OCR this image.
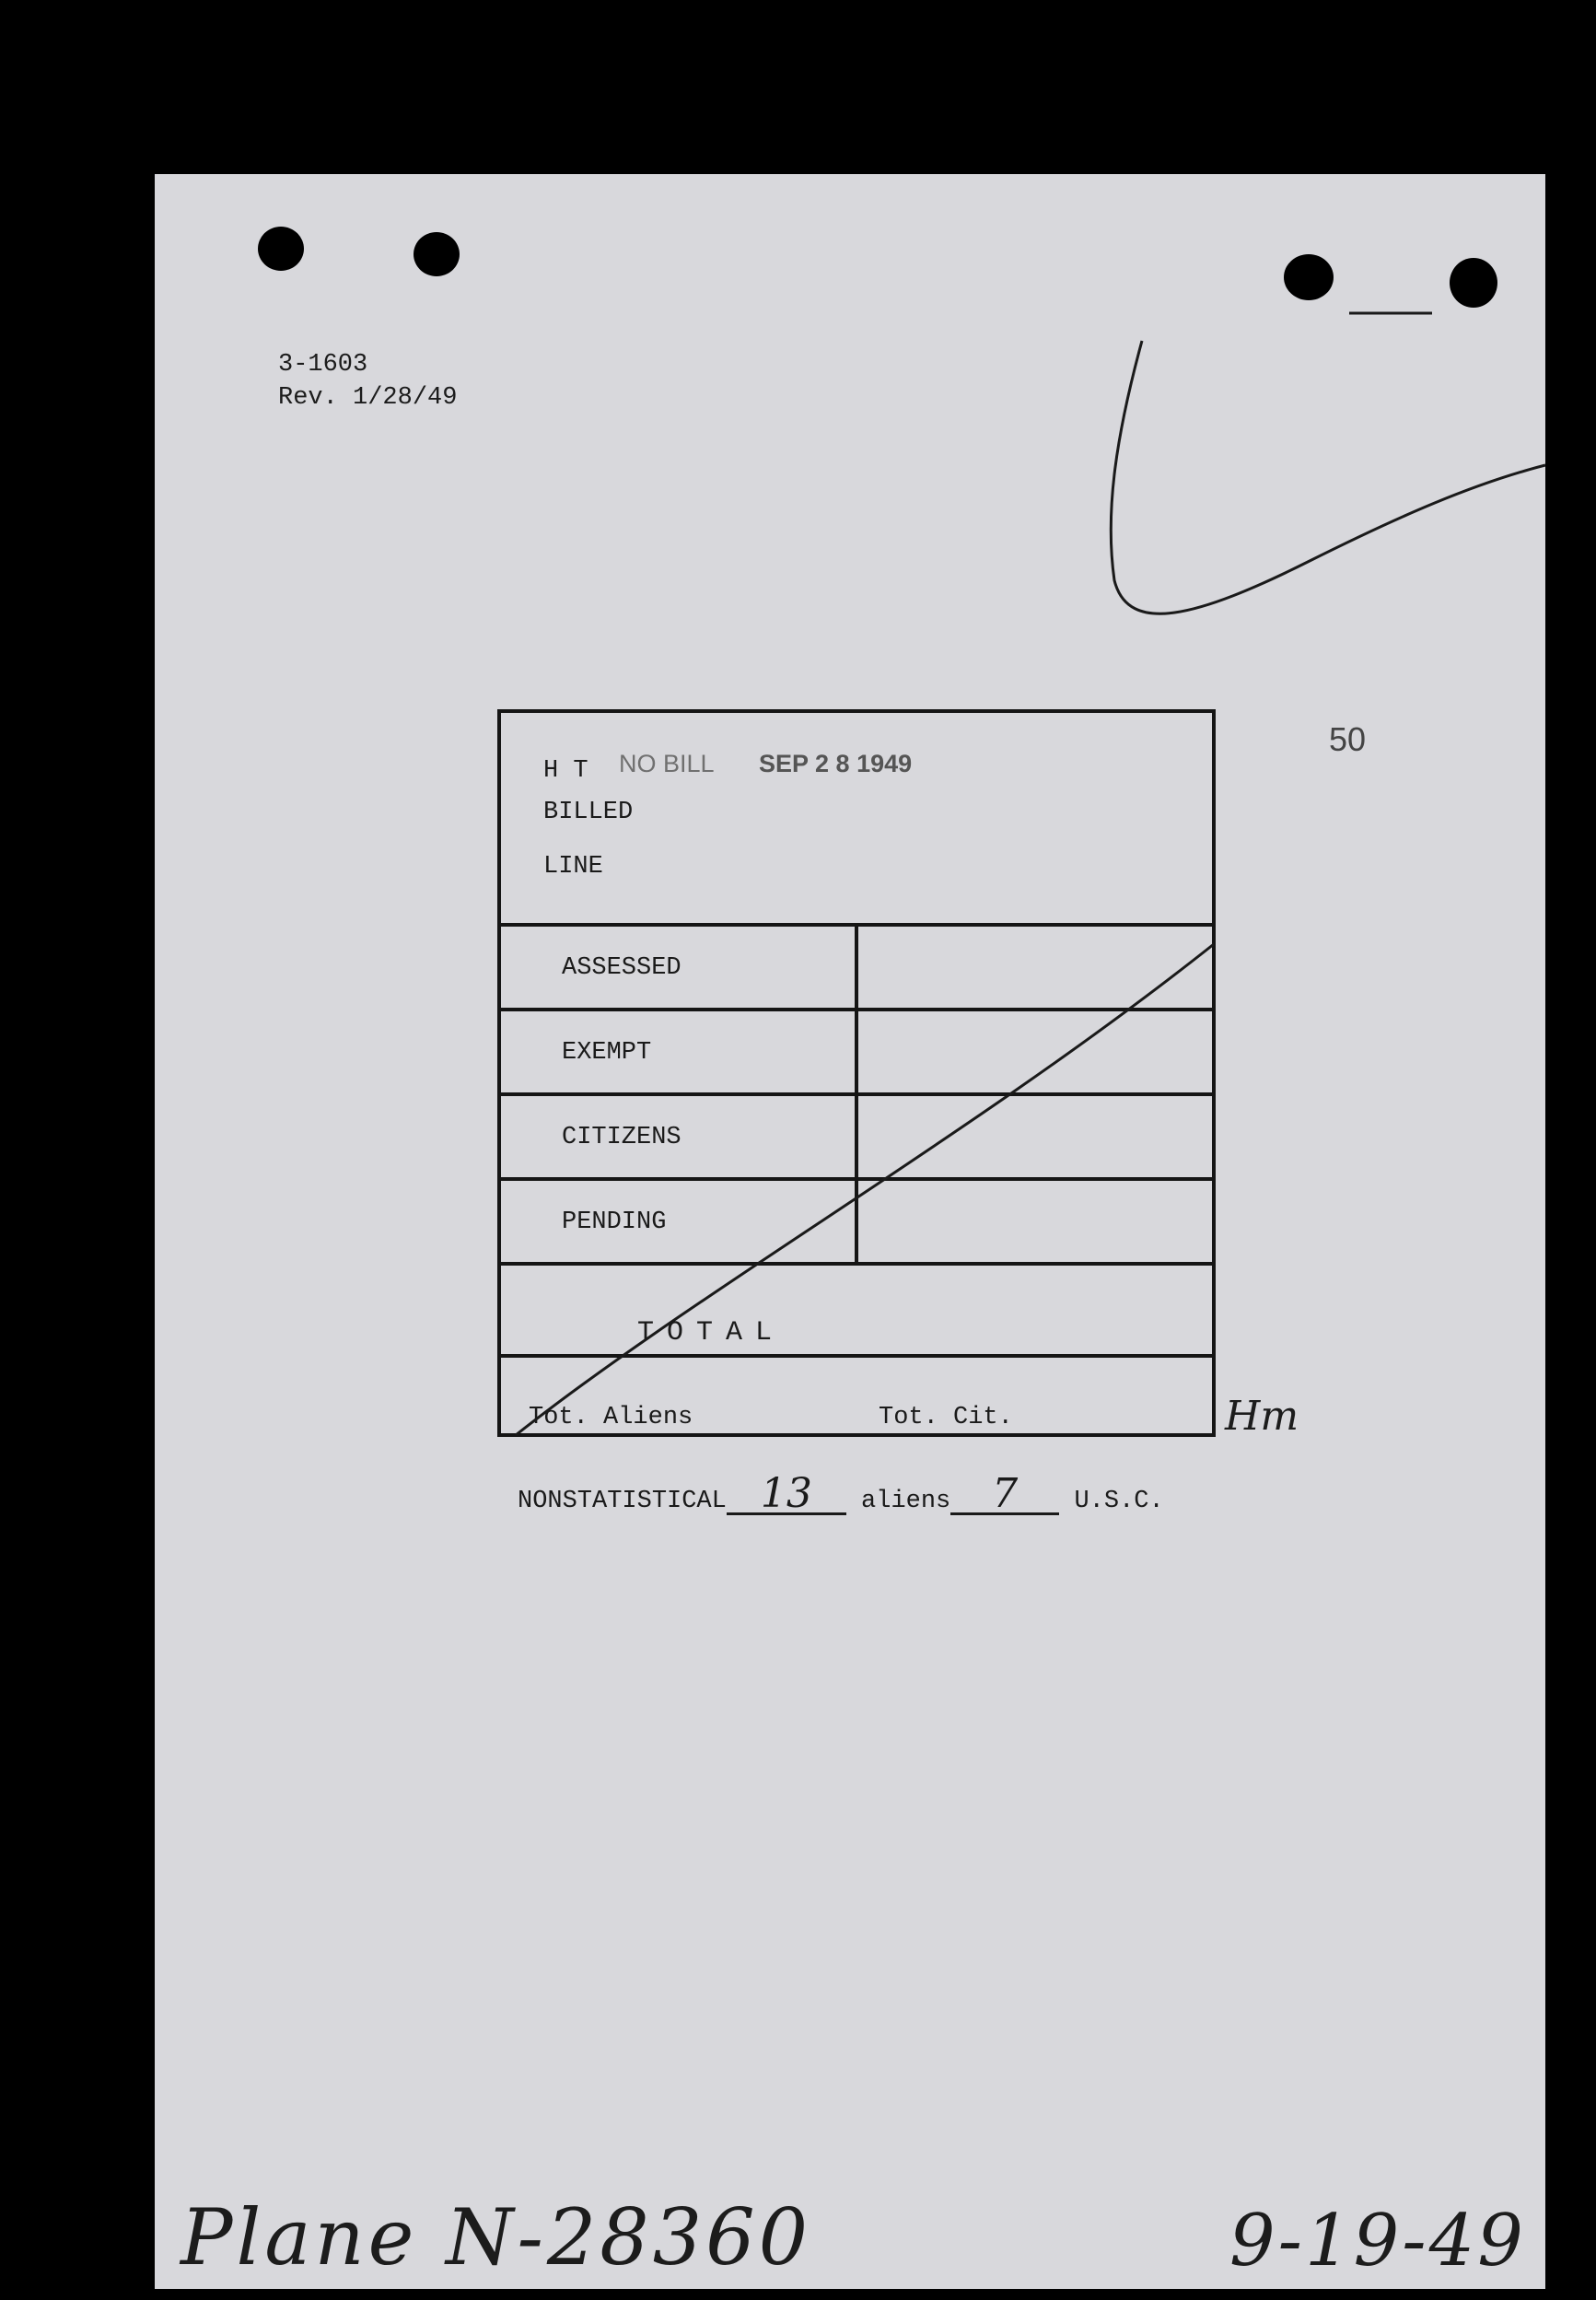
3-1603
Rev. 1/28/49
50
H T NO BILL SEP 2 8 1949
BILLED
LINE
ASSESSED
EXEMPT
CITIZENS
PENDING
TOTAL
Tot. Aliens	Tot. Cit.
NONSTATISTICAL 13 aliens 7 U.S.C.
Hm
Plane N-28360	9-19-49
